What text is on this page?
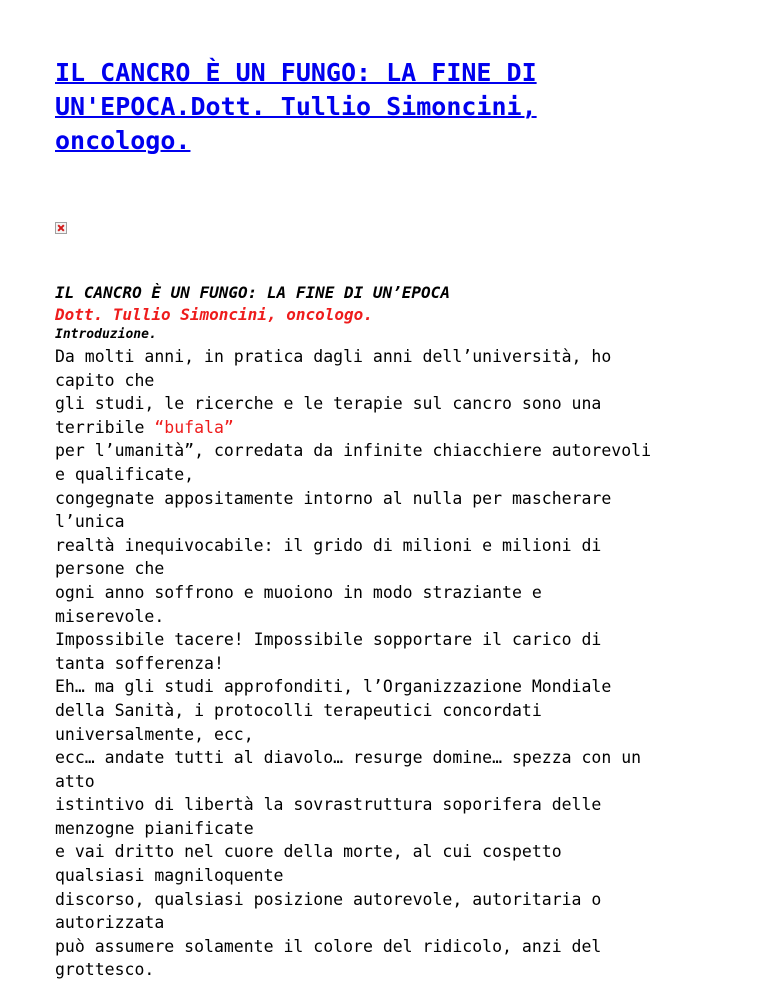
IL CANCRO È UN FUNGO: LA FINE DI UN'EPOCA.Dott. Tullio Simoncini, oncologo.

IL CANCRO È UN FUNGO: LA FINE DI UN’EPOCA

Dott. Tullio Simoncini, oncologo.

Introduzione.

Da molti anni, in pratica dagli anni dell’università, ho
capito che
gli studi, le ricerche e le terapie sul cancro sono una
terribile “bufala”
per l’umanità”, corredata da infinite chiacchiere autorevoli
e qualificate,
congegnate appositamente intorno al nulla per mascherare
l’unica
realtà inequivocabile: il grido di milioni e milioni di
persone che
ogni anno soffrono e muoiono in modo straziante e
miserevole.
Impossibile tacere! Impossibile sopportare il carico di
tanta sofferenza!
Eh… ma gli studi approfonditi, l’Organizzazione Mondiale
della Sanità, i protocolli terapeutici concordati
universalmente, ecc,
ecc… andate tutti al diavolo… resurge domine… spezza con un
atto
istintivo di libertà la sovrastruttura soporifera delle
menzogne pianificate
e vai dritto nel cuore della morte, al cui cospetto
qualsiasi magniloquente
discorso, qualsiasi posizione autorevole, autoritaria o
autorizzata
può assumere solamente il colore del ridicolo, anzi del
grottesco.
